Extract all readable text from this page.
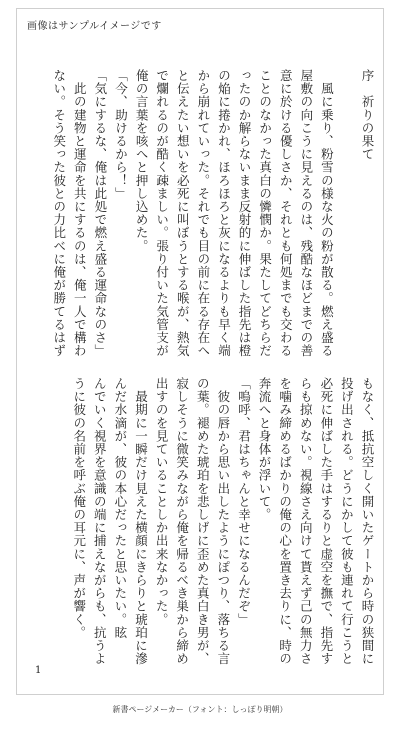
画像はサンプルイメージです
序　祈りの果て
　風に乗り、粉雪の様な火の粉が散る。燃え盛る
屋敷の向こうに見えるのは、残酷なほどまでの善
意に於ける優しさか、それとも何処までも交わる
ことのなかった真白の憐憫か。果たしてどちらだ
ったのか解らないまま反射的に伸ばした指先は橙
の焔に捲かれ、ほろほろと灰になるよりも早く端
から崩れていった。それでも目の前に在る存在へ
と伝えたい想いを必死に叫ぼうとする喉が、熱気
で爛れるのが酷く疎ましい。張り付いた気管支が
俺の言葉を咳へと押し込めた。
「今、助けるから！」
「気にするな、俺は此処で燃え盛る運命なのさ」
　此の建物と運命を共にするのは、俺一人で構わ
ない。そう笑った彼との力比べに俺が勝てるはず
もなく、抵抗空しく開いたゲートから時の狭間に
投げ出される。どうにかして彼も連れて行こうと
必死に伸ばした手はするりと虚空を撫で、指先す
らも掠めない。視線さえ向けて貰えず己の無力さ
を噛み締めるばかりの俺の心を置き去りに、時の
奔流へと身体が浮いて。
「嗚呼、君はちゃんと幸せになるんだぞ」
　彼の唇から思い出したようにぽつり、落ちる言
の葉。褪めた琥珀を悲しげに歪めた真白き男が、
寂しそうに微笑みながら俺を帰るべき巣から締め
出すのを見ていることしか出来なかった。
　最期に一瞬だけ見えた横顔にきらりと琥珀に滲
んだ水滴が、彼の本心だったと思いたい。眩
んでいく視界を意識の端に捕えながらも、抗うよ
うに彼の名前を呼ぶ俺の耳元に、声が響く。
1
新書ページメーカー（フォント：しっぽり明朝）
